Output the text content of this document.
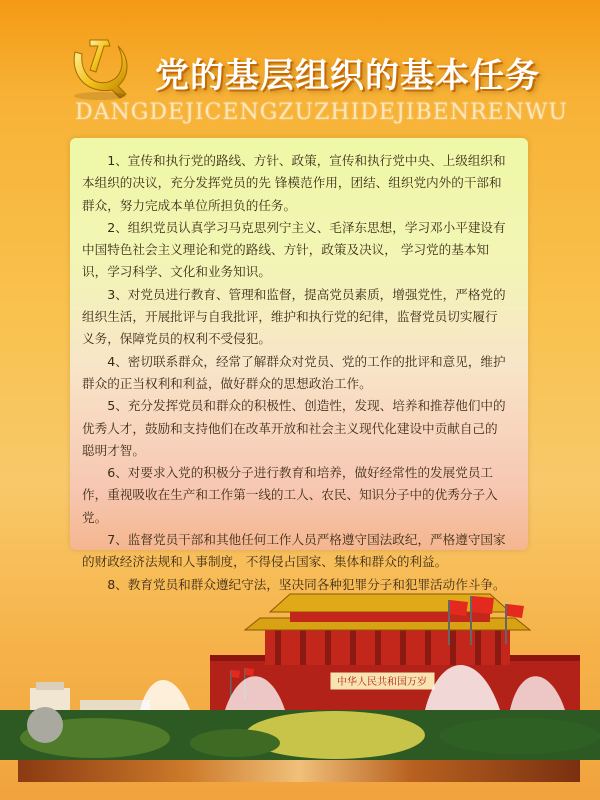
党的基层组织的基本任务
DANGDEJICENGZUZHIDEJIBENRENWU

1、宣传和执行党的路线、方针、政策，宣传和执行党中央、上级组织和本组织的决议，充分发挥党员的先 锋模范作用，团结、组织党内外的干部和群众，努力完成本单位所担负的任务。

2、组织党员认真学习马克思列宁主义、毛泽东思想，学习邓小平建设有中国特色社会主义理论和党的路线、方针，政策及决议， 学习党的基本知识，学习科学、文化和业务知识。

3、对党员进行教育、管理和监督，提高党员素质，增强党性，严格党的组织生活，开展批评与自我批评，维护和执行党的纪律，监督党员切实履行义务，保障党员的权利不受侵犯。

4、密切联系群众，经常了解群众对党员、党的工作的批评和意见，维护群众的正当权利和利益，做好群众的思想政治工作。

5、充分发挥党员和群众的积极性、创造性，发现、培养和推荐他们中的优秀人才，鼓励和支持他们在改革开放和社会主义现代化建设中贡献自己的聪明才智。

6、对要求入党的积极分子进行教育和培养，做好经常性的发展党员工作，重视吸收在生产和工作第一线的工人、农民、知识分子中的优秀分子入党。

7、监督党员干部和其他任何工作人员严格遵守国法政纪，严格遵守国家

中华人民共和国万岁
